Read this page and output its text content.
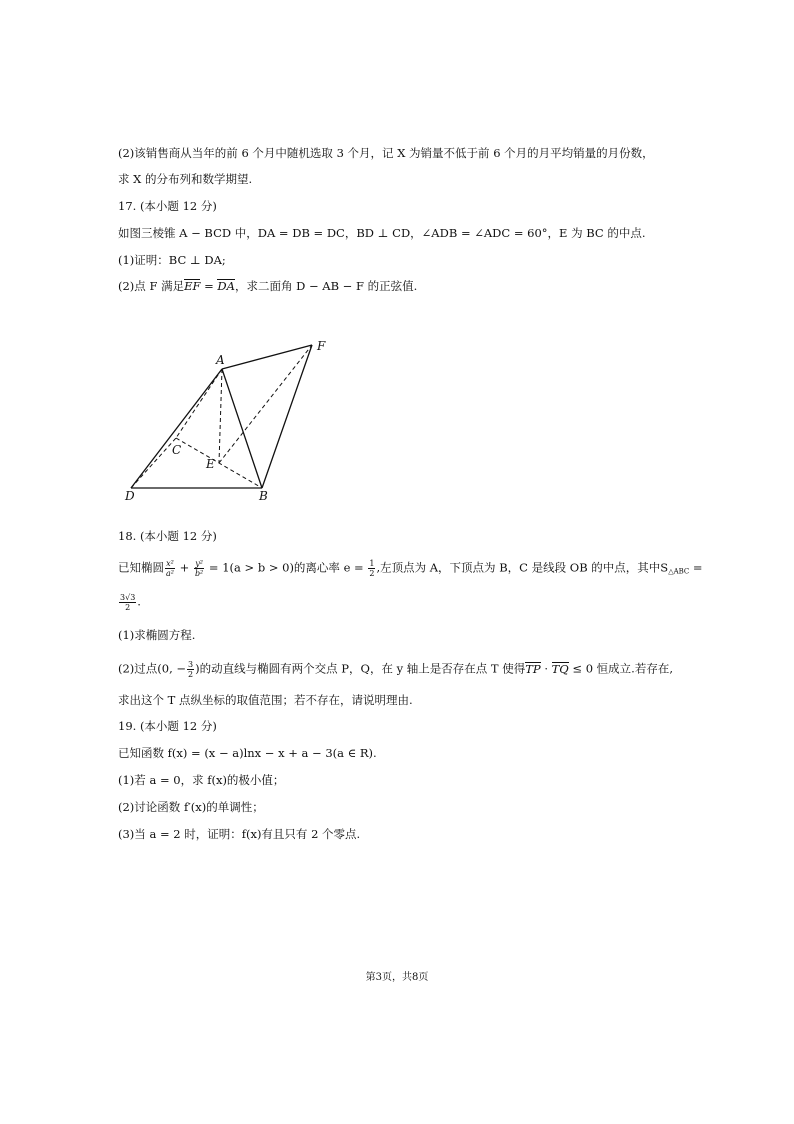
(2)该销售商从当年的前 6 个月中随机选取 3 个月，记 X 为销量不低于前 6 个月的月平均销量的月份数，
求 X 的分布列和数学期望.
17. (本小题 12 分)
如图三棱锥 A − BCD 中，DA = DB = DC，BD ⊥ CD，∠ADB = ∠ADC = 60°，E 为 BC 的中点.
(1)证明：BC ⊥ DA;
(2)点 F 满足EF = DA，求二面角 D − AB − F 的正弦值.
A
F
C
E
D	B
18. (本小题 12 分)
已知椭圆 $\frac{\text{x²}}{\text{a²}} + \frac{\text{y²}}{\text{b²}} = 1(a > b > 0)$的离心率 $e = \frac{1}{2}$ ,左顶点为 A，下顶点为 B，C 是线段 OB 的中点，其中$S_{\triangle ABC}$ =
$\frac{3√3}{2}$ .
(1)求椭圆方程.
(2)过点(0, − $\frac{3}{2}$ )的动直线与椭圆有两个交点 P，Q，在 y 轴上是否存在点 T 使得TP · TQ ≤ 0 恒成立.若存在,
求出这个 T 点纵坐标的取值范围；若不存在，请说明理由.
19. (本小题 12 分)
已知函数 f(x) = (x − a)lnx − x + a − 3(a ∈ R).
(1)若 a = 0，求 f(x)的极小值；
(2)讨论函数 f′(x)的单调性；
(3)当 a = 2 时，证明：f(x)有且只有 2 个零点.
第3页，共8页
